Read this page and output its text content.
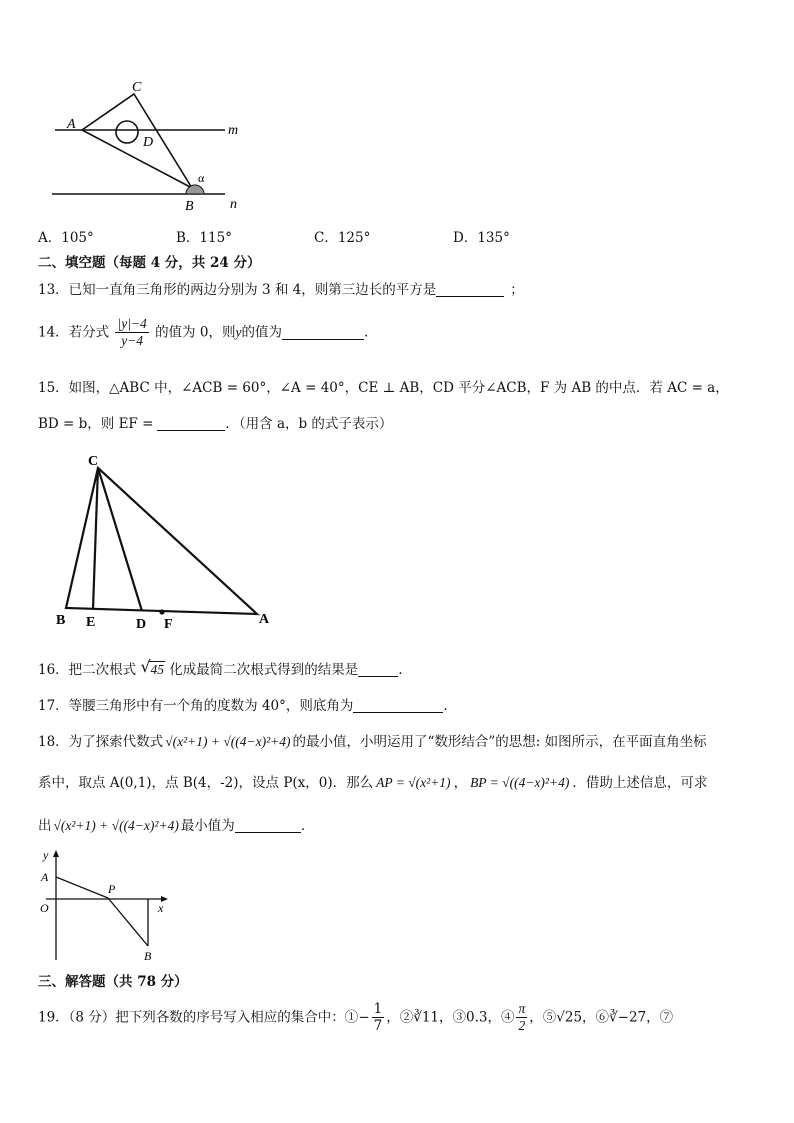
A
C
D
B
m
n
α
A．105°	B．115°	C．125°	D．135°
二、填空题（每题 4 分，共 24 分）
13．已知一直角三角形的两边分别为 3 和 4，则第三边长的平方是	；
14．若分式 $\frac{|y|-4}{y-4}$ 的值为 0，则y的值为	.
15．如图，△ABC 中，∠ACB = 60°，∠A = 40°，CE ⊥ AB，CD 平分∠ACB，F 为 AB 的中点．若 AC = a，
BD = b，则 EF =	．（用含 a，b 的式子表示）
C
B E	D F	A
16．把二次根式 √ 45 化成最简二次根式得到的结果是	.
17．等腰三角形中有一个角的度数为 40°，则底角为	.
18．为了探索代数式 √(x²+1) + √((4−x)²+4) 的最小值，小明运用了“数形结合”的思想: 如图所示，在平面直角坐标
系中，取点 A(0,1)，点 B(4，-2)，设点 P(x，0)．那么 AP = √(x²+1) ， BP = √((4−x)²+4) ．借助上述信息，可求
出 √(x²+1) + √((4−x)²+4) 最小值为	．
y
A
O
P
x
B
三、解答题（共 78 分）
19．（8 分）把下列各数的序号写入相应的集合中：①− $\frac{1}{7}$ ，②∛11，③0.3，④ $\frac{\pi}{2}$ ，⑤√25，⑥∛−27，⑦
